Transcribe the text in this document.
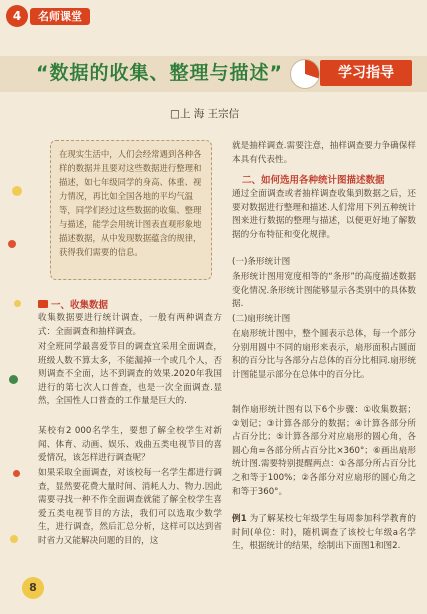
4	名师课堂
“数据的收集、整理与描述”	学习指导
□上 海 王宗信
在现实生活中，人们会经常遇到各种各样的数据并且要对这些数据进行整理和描述，如七年级同学的身高、体重、视力情况，再比如全国各地的平均气温等，同学们经过这些数据的收集、整理与描述，能学会用统计图表直观形象地描述数据，从中发现数据蕴含的规律，获得我们需要的信息。
一、收集数据
收集数据要进行统计调查，一般有两种调查方式：全面调查和抽样调查。
对全班同学最喜爱节目的调查宜采用全面调查，班级人数不算太多，不能漏掉一个或几个人，否则调查不全面，达不到调查的效果.2020年我国进行的第七次人口普查，也是一次全面调查.显然，全国性人口普查的工作量是巨大的.
某校有2 000名学生，要想了解全校学生对新闻、体育、动画、娱乐、戏曲五类电视节目的喜爱情况，该怎样进行调查呢？
如果采取全面调查，对该校每一名学生都进行调查，显然要花费大量时间、消耗人力、物力.因此需要寻找一种不作全面调查就能了解全校学生喜爱五类电视节目的方法，我们可以选取少数学生，进行调查，然后汇总分析，这样可以达到省时省力又能解决问题的目的，这
就是抽样调查.需要注意，抽样调查要力争确保样本具有代表性。
二、如何选用各种统计图描述数据
通过全面调查或者抽样调查收集到数据之后，还要对数据进行整理和描述.人们常用下列五种统计图来进行数据的整理与描述，以便更好地了解数据的分布特征和变化规律。
(一)条形统计图
条形统计图用宽度相等的“条形”的高度描述数据变化情况.条形统计图能够显示各类别中的具体数据.
(二)扇形统计图
在扇形统计图中，整个圆表示总体，每一个部分分别用圆中不同的扇形来表示，扇形面积占圆面积的百分比与各部分占总体的百分比相同.扇形统计图能显示部分在总体中的百分比。
制作扇形统计图有以下6个步骤：①收集数据；②划记；③计算各部分的数据；④计算各部分所占百分比；⑤计算各部分对应扇形的圆心角，各圆心角=各部分所占百分比×360°；⑥画出扇形统计图.需要特别提醒两点：①各部分所占百分比之和等于100%；②各部分对应扇形的圆心角之和等于360°。
例1 为了解某校七年级学生每周参加科学教育的时间(单位：时)，随机调查了该校七年级a名学生，根据统计的结果，绘制出下面图1和图2.
8
